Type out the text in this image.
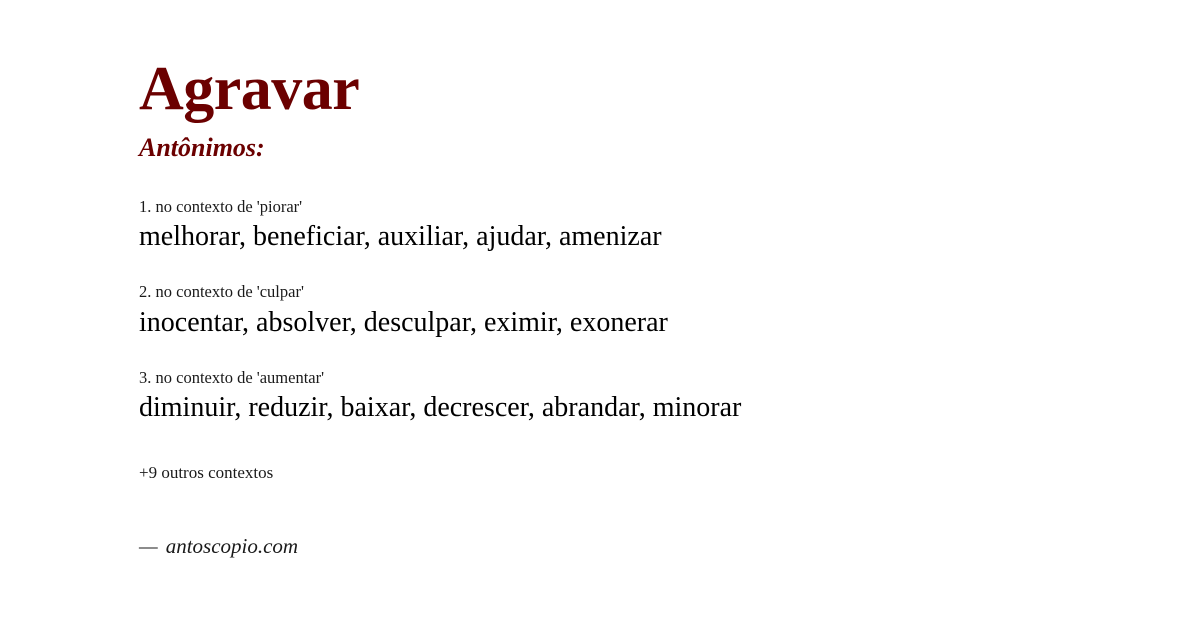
Agravar
Antônimos:
1. no contexto de 'piorar'
melhorar, beneficiar, auxiliar, ajudar, amenizar
2. no contexto de 'culpar'
inocentar, absolver, desculpar, eximir, exonerar
3. no contexto de 'aumentar'
diminuir, reduzir, baixar, decrescer, abrandar, minorar
+9 outros contextos
— antoscopio.com
